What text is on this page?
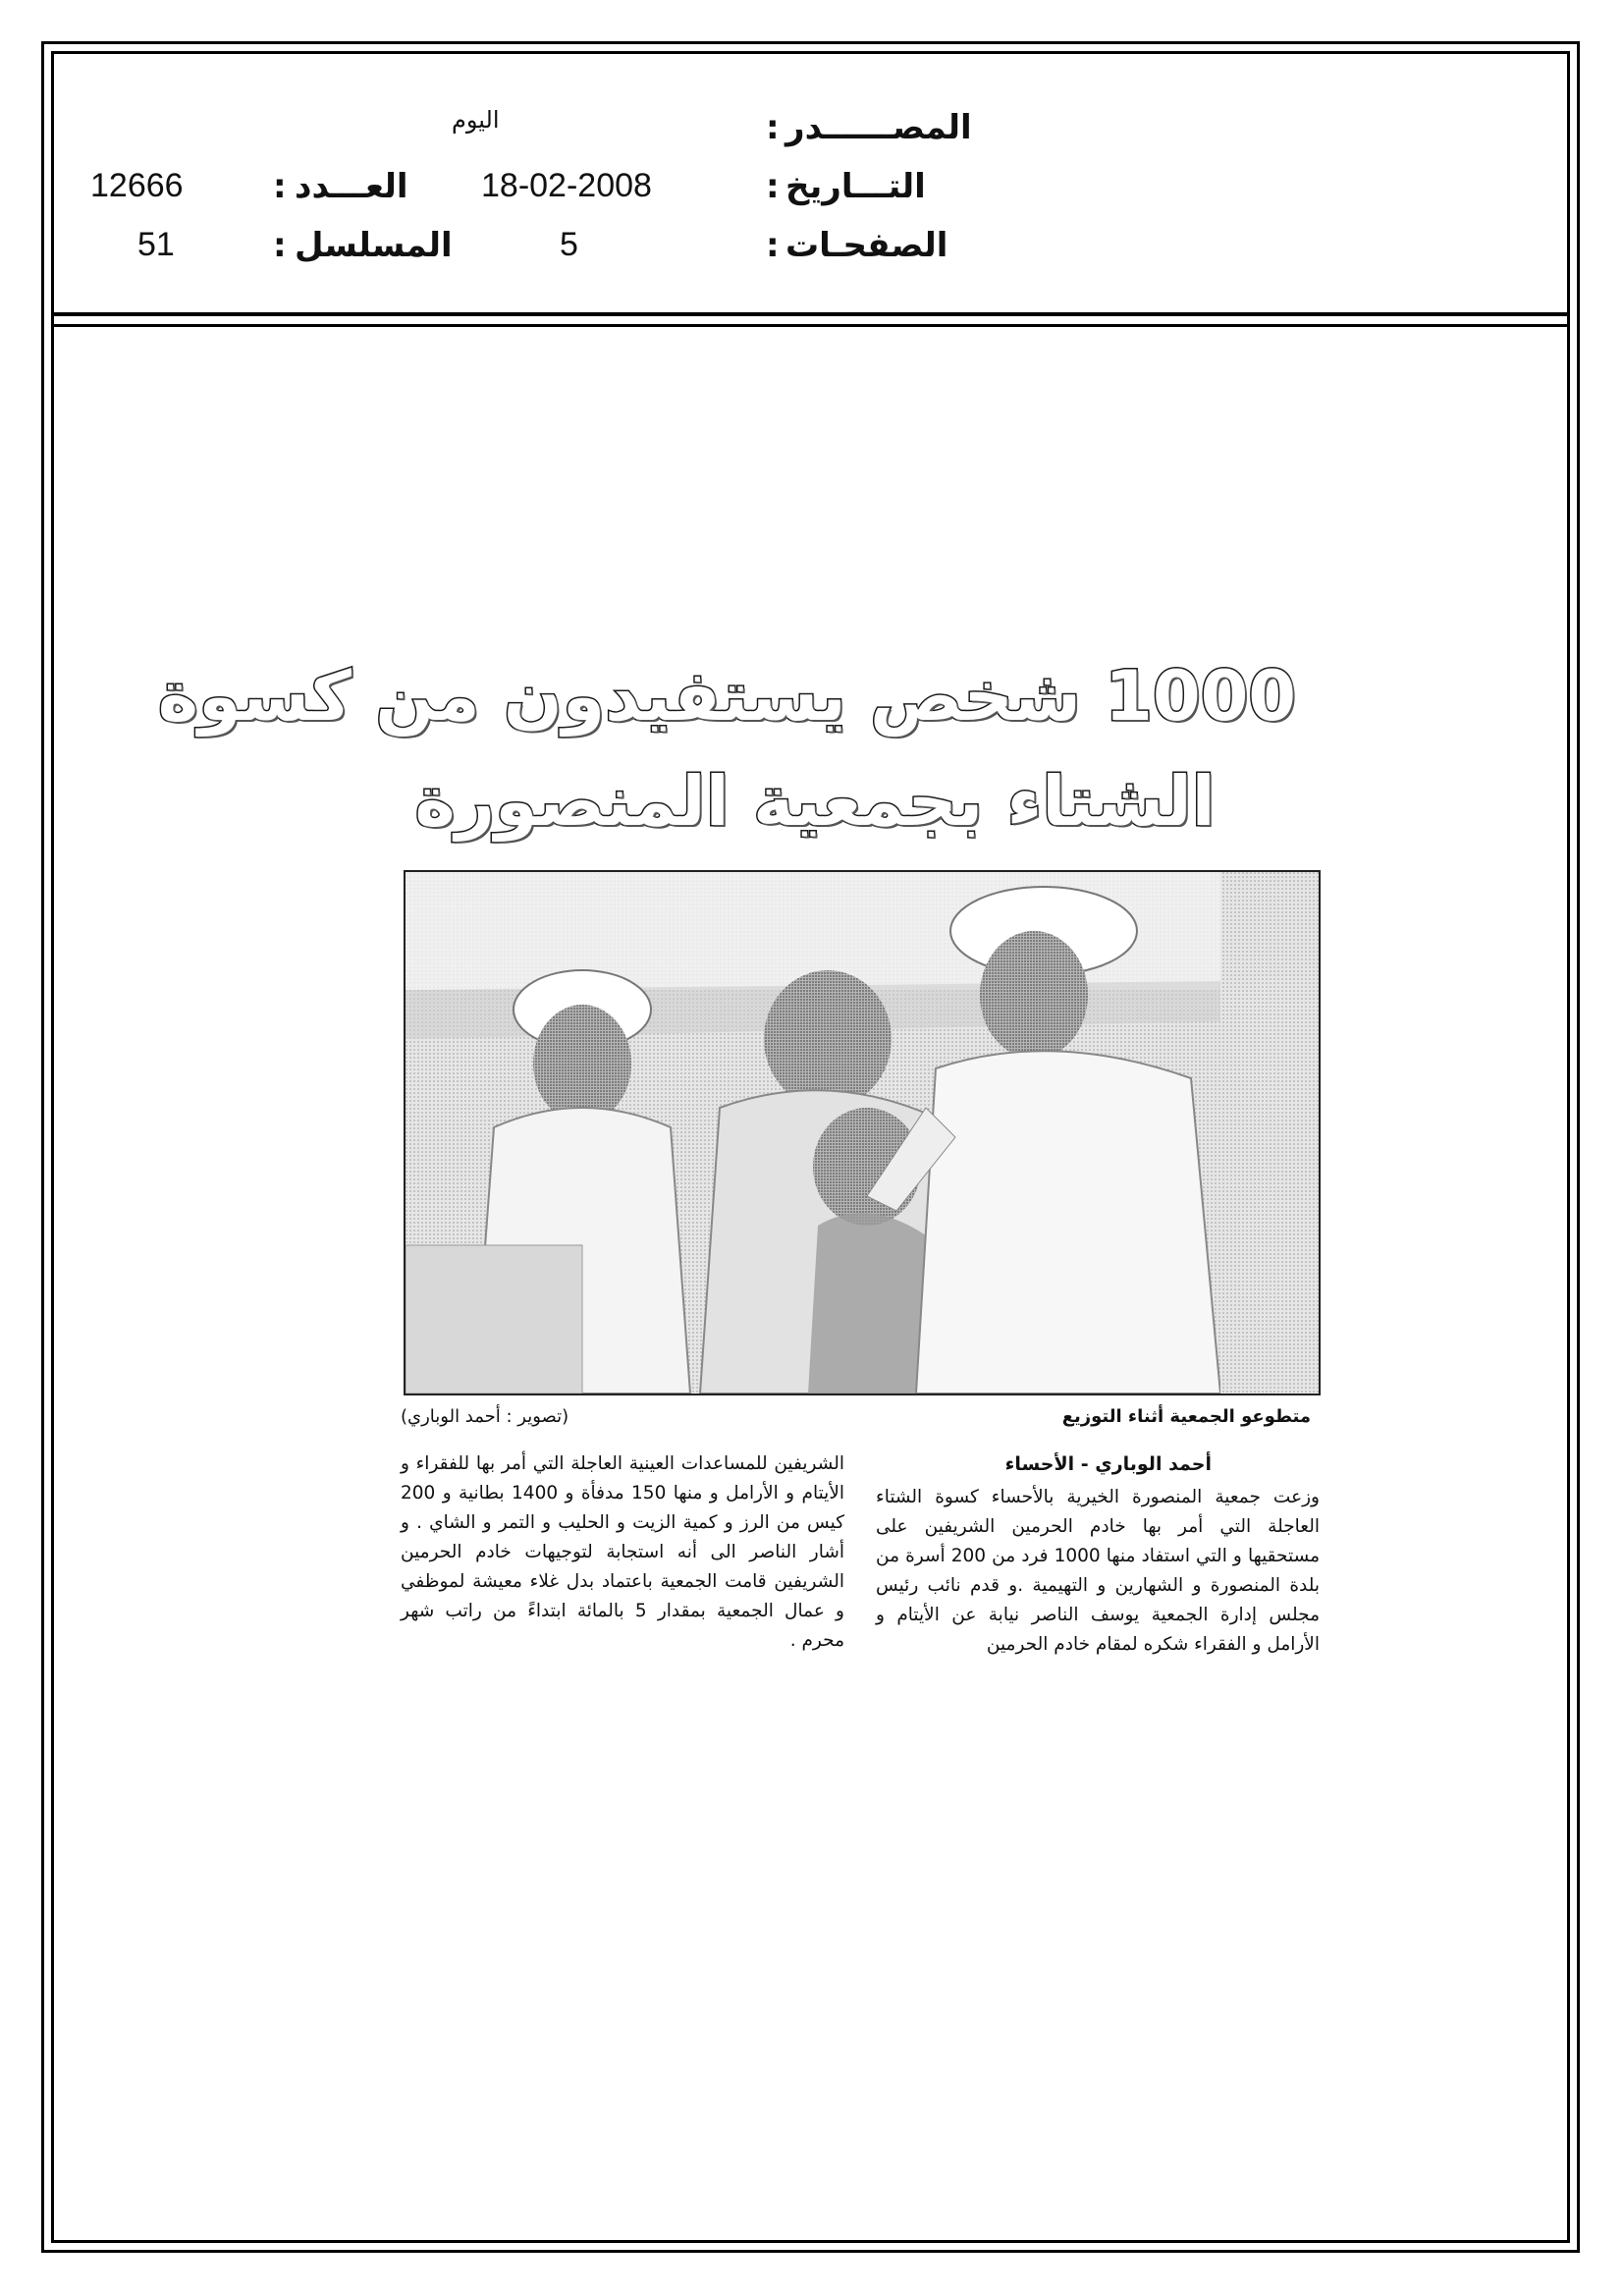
المصــــــدر
:
اليوم
التـــاريخ
:
18-02-2008
الصفحـات
:
5
العـــدد
:
12666
المسلسل
:
51
1000 شخص يستفيدون من كسوة
الشتاء بجمعية المنصورة
متطوعو الجمعية أثناء التوزيع
(تصوير : أحمد الوباري)

أحمد الوباري - الأحساء

وزعت جمعية المنصورة الخيرية بالأحساء كسوة الشتاء العاجلة التي أمر بها خادم الحرمين الشريفين على مستحقيها و التي استفاد منها 1000 فرد من 200 أسرة من بلدة المنصورة و الشهارين و التهيمية .و قدم نائب رئيس مجلس إدارة الجمعية يوسف الناصر نيابة عن الأيتام و الأرامل و الفقراء شكره لمقام خادم الحرمين

الشريفين للمساعدات العينية العاجلة التي أمر بها للفقراء و الأيتام و الأرامل و منها 150 مدفأة و 1400 بطانية و 200 كيس من الرز و كمية الزيت و الحليب و التمر و الشاي . و أشار الناصر الى أنه استجابة لتوجيهات خادم الحرمين الشريفين قامت الجمعية باعتماد بدل غلاء معيشة لموظفي و عمال الجمعية بمقدار 5 بالمائة ابتداءً من راتب شهر محرم .
